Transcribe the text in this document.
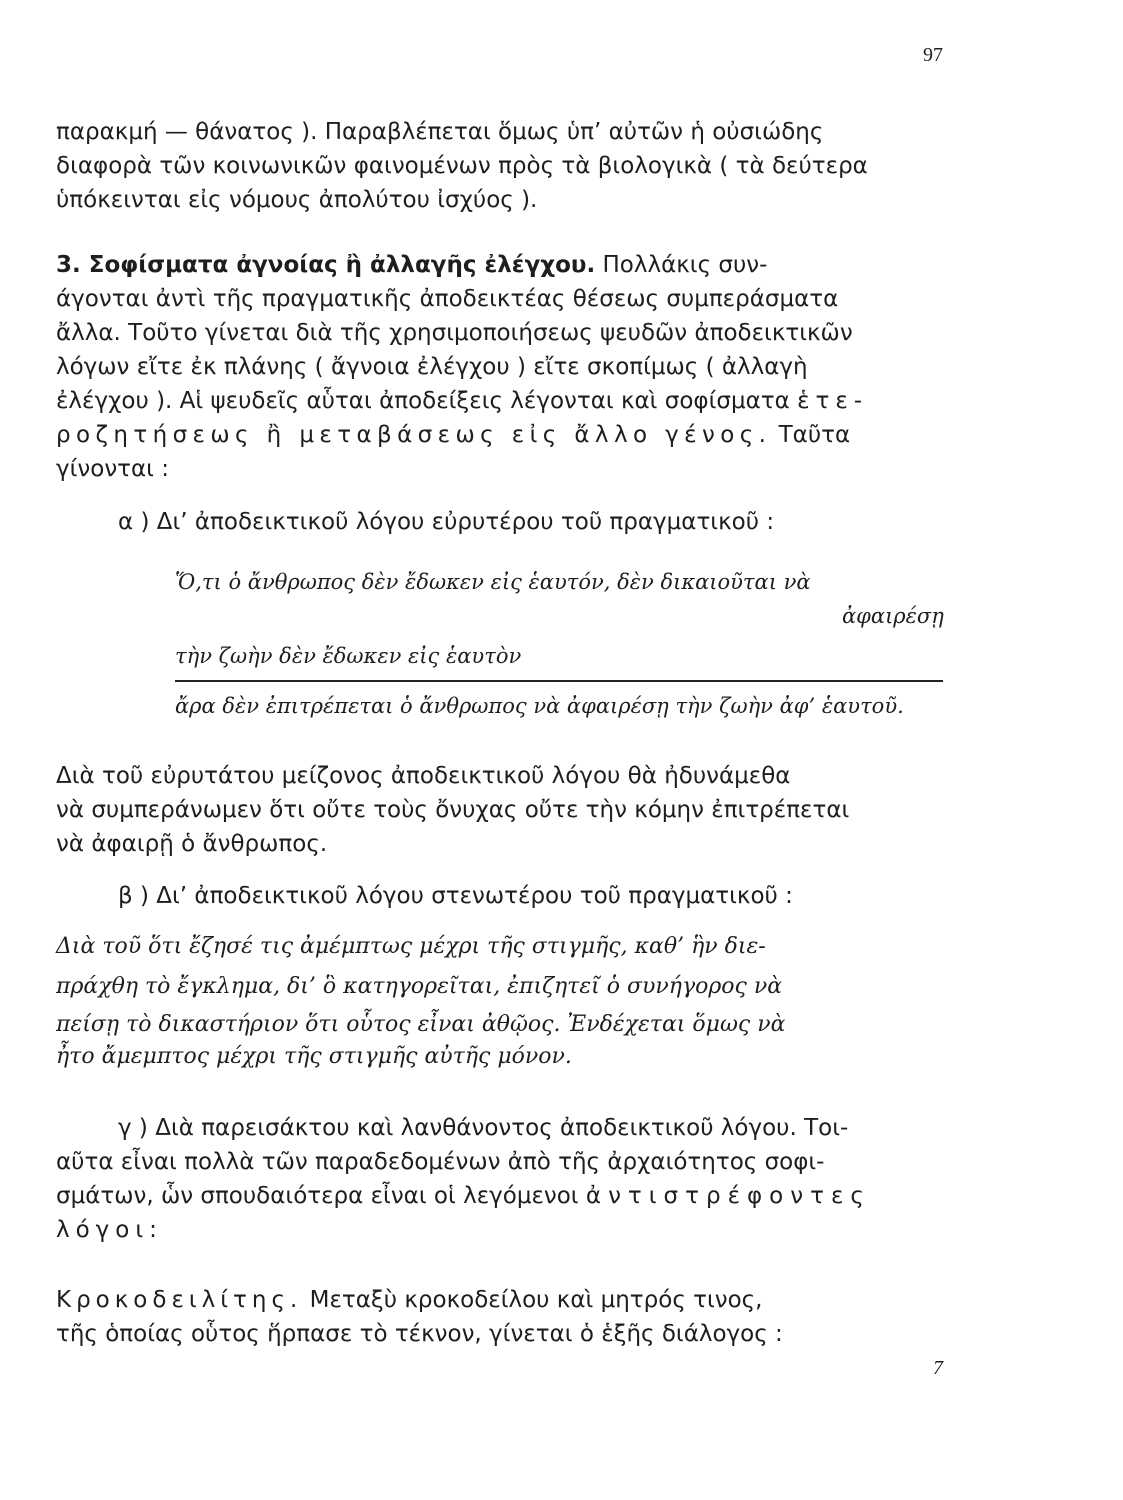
97
παρακμή — θάνατος ). Παραβλέπεται ὅμως ὑπ’ αὐτῶν ἡ οὐσιώδης
διαφορὰ τῶν κοινωνικῶν φαινομένων πρὸς τὰ βιολογικὰ ( τὰ δεύτερα
ὑπόκεινται εἰς νόμους ἀπολύτου ἰσχύος ).
3. Σοφίσματα ἀγνοίας ἢ ἀλλαγῆς ἐλέγχου. Πολλάκις συν-
άγονται ἀντὶ τῆς πραγματικῆς ἀποδεικτέας θέσεως συμπεράσματα
ἄλλα. Τοῦτο γίνεται διὰ τῆς χρησιμοποιήσεως ψευδῶν ἀποδεικτικῶν
λόγων εἴτε ἐκ πλάνης ( ἄγνοια ἐλέγχου ) εἴτε σκοπίμως ( ἀλλαγὴ
ἐλέγχου ). Αἱ ψευδεῖς αὗται ἀποδείξεις λέγονται καὶ σοφίσματα ἑτε-
ροζητήσεως ἢ μεταβάσεως εἰς ἄλλο γένος. Ταῦτα
γίνονται :
α ) Δι’ ἀποδεικτικοῦ λόγου εὐρυτέρου τοῦ πραγματικοῦ :
Ὅ,τι ὁ ἄνθρωπος δὲν ἔδωκεν εἰς ἑαυτόν, δὲν δικαιοῦται νὰ
ἀφαιρέσῃ
τὴν ζωὴν δὲν ἔδωκεν εἰς ἑαυτὸν
ἄρα δὲν ἐπιτρέπεται ὁ ἄνθρωπος νὰ ἀφαιρέσῃ τὴν ζωὴν ἀφ’ ἑαυτοῦ.
Διὰ τοῦ εὐρυτάτου μείζονος ἀποδεικτικοῦ λόγου θὰ ἠδυνάμεθα
νὰ συμπεράνωμεν ὅτι οὔτε τοὺς ὄνυχας οὔτε τὴν κόμην ἐπιτρέπεται
νὰ ἀφαιρῇ ὁ ἄνθρωπος.
β ) Δι’ ἀποδεικτικοῦ λόγου στενωτέρου τοῦ πραγματικοῦ :
Διὰ τοῦ ὅτι ἔζησέ τις ἀμέμπτως μέχρι τῆς στιγμῆς, καθ’ ἣν διε-
πράχθη τὸ ἔγκλημα, δι’ ὃ κατηγορεῖται, ἐπιζητεῖ ὁ συνήγορος νὰ
πείσῃ τὸ δικαστήριον ὅτι οὗτος εἶναι ἀθῷος. Ἐνδέχεται ὅμως νὰ
ἦτο ἄμεμπτος μέχρι τῆς στιγμῆς αὐτῆς μόνον.
γ ) Διὰ παρεισάκτου καὶ λανθάνοντος ἀποδεικτικοῦ λόγου. Τοι-
αῦτα εἶναι πολλὰ τῶν παραδεδομένων ἀπὸ τῆς ἀρχαιότητος σοφι-
σμάτων, ὧν σπουδαιότερα εἶναι οἱ λεγόμενοι ἀντιστρέφοντες
λόγοι:
Κροκοδειλίτης. Μεταξὺ κροκοδείλου καὶ μητρός τινος,
τῆς ὁποίας οὗτος ἥρπασε τὸ τέκνον, γίνεται ὁ ἑξῆς διάλογος :
7
